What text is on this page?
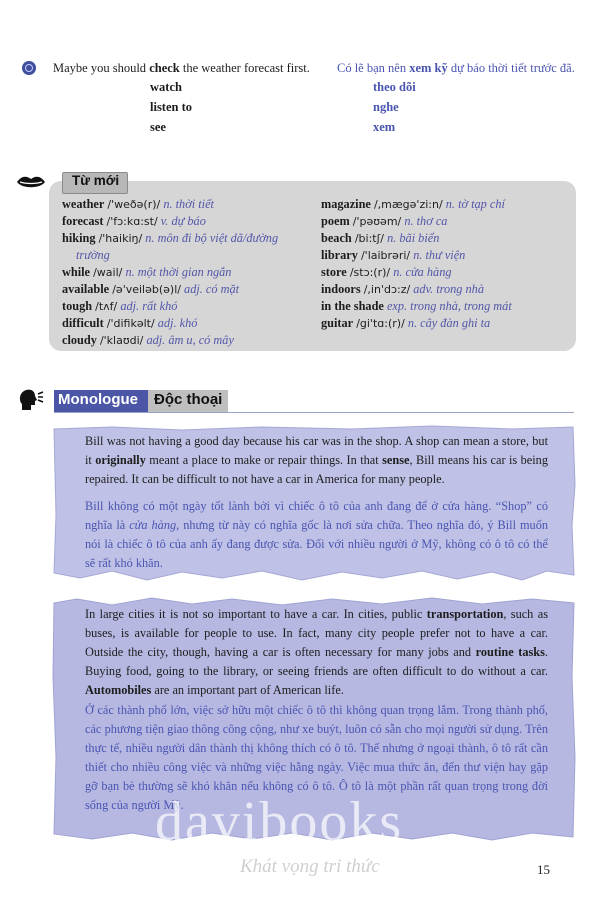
Maybe you should check the weather forecast first.
watch
listen to
see
Có lẽ bạn nên xem kỹ dự báo thời tiết trước đã.
theo dõi
nghe
xem
Từ mới
weather /'weðə(r)/ n. thời tiết
forecast /'fɔ:kɑ:st/ v. dự báo
hiking /'haikiŋ/ n. môn đi bộ việt dã/đường
trường
while /wail/ n. một thời gian ngắn
available /ə'veiləb(ə)l/ adj. có mặt
tough /tʌf/ adj. rất khó
difficult /'difikəlt/ adj. khó
cloudy /'klaʊdi/ adj. âm u, có mây
magazine /,mægə'zi:n/ n. tờ tạp chí
poem /'pəʊəm/ n. thơ ca
beach /bi:tʃ/ n. bãi biển
library /'laibrəri/ n. thư viện
store /stɔ:(r)/ n. cửa hàng
indoors /,in'dɔ:z/ adv. trong nhà
in the shade exp. trong nhà, trong mát
guitar /gi'tɑ:(r)/ n. cây đàn ghi ta
Monologue Độc thoại
Bill was not having a good day because his car was in the shop. A shop can mean a store, but it originally meant a place to make or repair things. In that sense, Bill means his car is being repaired. It can be difficult to not have a car in America for many people.
Bill không có một ngày tốt lành bởi vì chiếc ô tô của anh đang để ở cửa hàng. “Shop” có nghĩa là cửa hàng, nhưng từ này có nghĩa gốc là nơi sửa chữa. Theo nghĩa đó, ý Bill muốn nói là chiếc ô tô của anh ấy đang được sửa. Đối với nhiều người ở Mỹ, không có ô tô có thể sẽ rất khó khăn.
In large cities it is not so important to have a car. In cities, public transportation, such as buses, is available for people to use. In fact, many city people prefer not to have a car. Outside the city, though, having a car is often necessary for many jobs and routine tasks. Buying food, going to the library, or seeing friends are often difficult to do without a car. Automobiles are an important part of American life.
Ở các thành phố lớn, việc sở hữu một chiếc ô tô thì không quan trọng lắm. Trong thành phố, các phương tiện giao thông công cộng, như xe buýt, luôn có sẵn cho mọi người sử dụng. Trên thực tế, nhiều người dân thành thị không thích có ô tô. Thế nhưng ở ngoại thành, ô tô rất cần thiết cho nhiều công việc và những việc hằng ngày. Việc mua thức ăn, đến thư viện hay gặp gỡ bạn bè thường sẽ khó khăn nếu không có ô tô. Ô tô là một phần rất quan trọng trong đời sống của người Mỹ.
davibooks
Khát vọng tri thức	15
